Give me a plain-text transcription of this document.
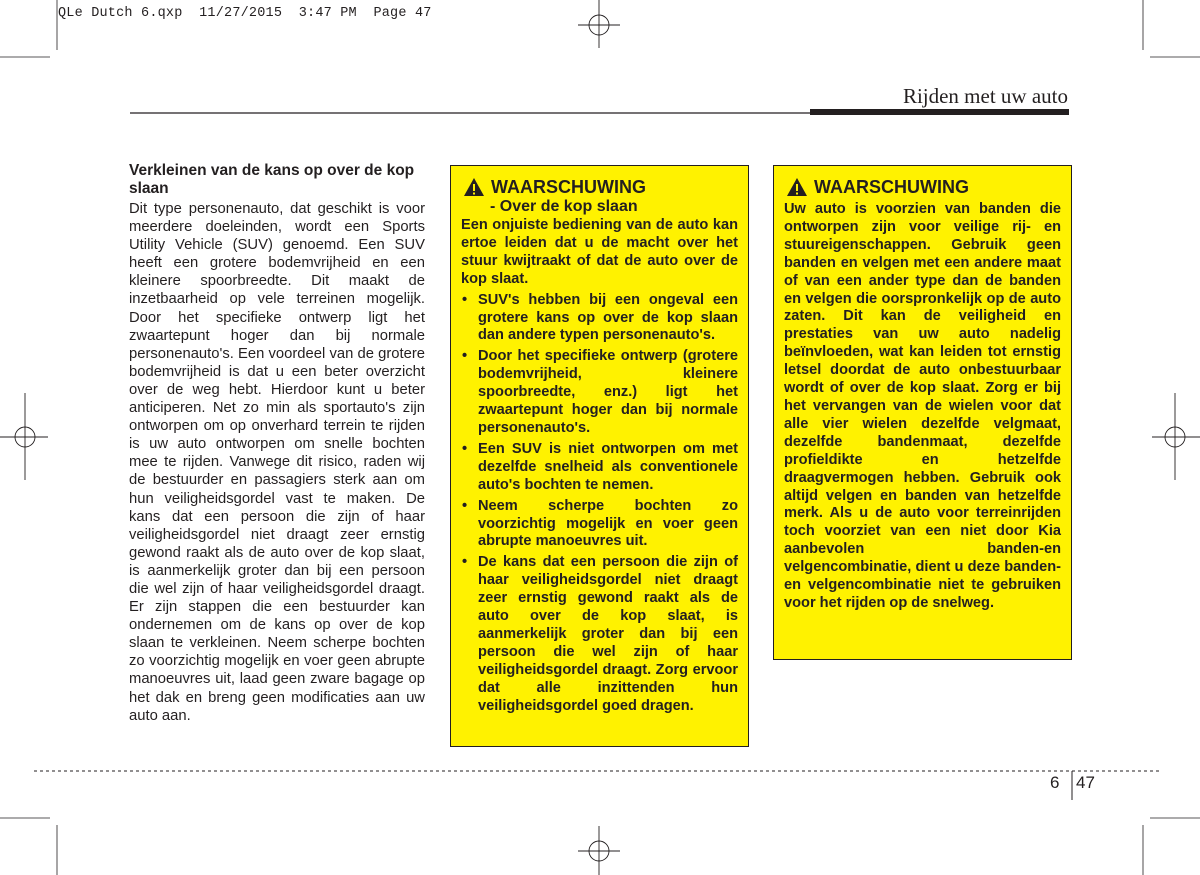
QLe Dutch 6.qxp  11/27/2015  3:47 PM  Page 47
Rijden met uw auto
Verkleinen van de kans op over de kop slaan
Dit type personenauto, dat geschikt is voor meerdere doeleinden, wordt een Sports Utility Vehicle (SUV) genoemd. Een SUV heeft een grotere bodemvrijheid en een kleinere spoorbreedte. Dit maakt de inzetbaarheid op vele terreinen mogelijk. Door het specifieke ontwerp ligt het zwaartepunt hoger dan bij normale personenauto's. Een voordeel van de grotere bodemvrijheid is dat u een beter overzicht over de weg hebt. Hierdoor kunt u beter anticiperen. Net zo min als sportauto's zijn ontworpen om op onverhard terrein te rijden is uw auto ontworpen om snelle bochten mee te rijden. Vanwege dit risico, raden wij de bestuurder en passagiers sterk aan om hun veiligheidsgordel vast te maken. De kans dat een persoon die zijn of haar veiligheidsgordel niet draagt zeer ernstig gewond raakt als de auto over de kop slaat, is aanmerkelijk groter dan bij een persoon die wel zijn of haar veiligheidsgordel draagt. Er zijn stappen die een bestuurder kan ondernemen om de kans op over de kop slaan te verkleinen. Neem scherpe bochten zo voorzichtig mogelijk en voer geen abrupte manoeuvres uit, laad geen zware bagage op het dak en breng geen modificaties aan uw auto aan.
WAARSCHUWING
- Over de kop slaan
Een onjuiste bediening van de auto kan ertoe leiden dat u de macht over het stuur kwijtraakt of dat de auto over de kop slaat.
• SUV's hebben bij een ongeval een grotere kans op over de kop slaan dan andere typen personenauto's.
• Door het specifieke ontwerp (grotere bodemvrijheid, kleinere spoorbreedte, enz.) ligt het zwaartepunt hoger dan bij normale personenauto's.
• Een SUV is niet ontworpen om met dezelfde snelheid als conventionele auto's bochten te nemen.
• Neem scherpe bochten zo voorzichtig mogelijk en voer geen abrupte manoeuvres uit.
• De kans dat een persoon die zijn of haar veiligheidsgordel niet draagt zeer ernstig gewond raakt als de auto over de kop slaat, is aanmerkelijk groter dan bij een persoon die wel zijn of haar veiligheidsgordel draagt. Zorg ervoor dat alle inzittenden hun veiligheidsgordel goed dragen.
WAARSCHUWING
Uw auto is voorzien van banden die ontworpen zijn voor veilige rij- en stuureigenschappen. Gebruik geen banden en velgen met een andere maat of van een ander type dan de banden en velgen die oorspronkelijk op de auto zaten. Dit kan de veiligheid en prestaties van uw auto nadelig beïnvloeden, wat kan leiden tot ernstig letsel doordat de auto onbestuurbaar wordt of over de kop slaat. Zorg er bij het vervangen van de wielen voor dat alle vier wielen dezelfde velgmaat, dezelfde bandenmaat, dezelfde profieldikte en hetzelfde draagvermogen hebben. Gebruik ook altijd velgen en banden van hetzelfde merk. Als u de auto voor terreinrijden toch voorziet van een niet door Kia aanbevolen banden-en velgencombinatie, dient u deze banden- en velgencombinatie niet te gebruiken voor het rijden op de snelweg.
6 47
